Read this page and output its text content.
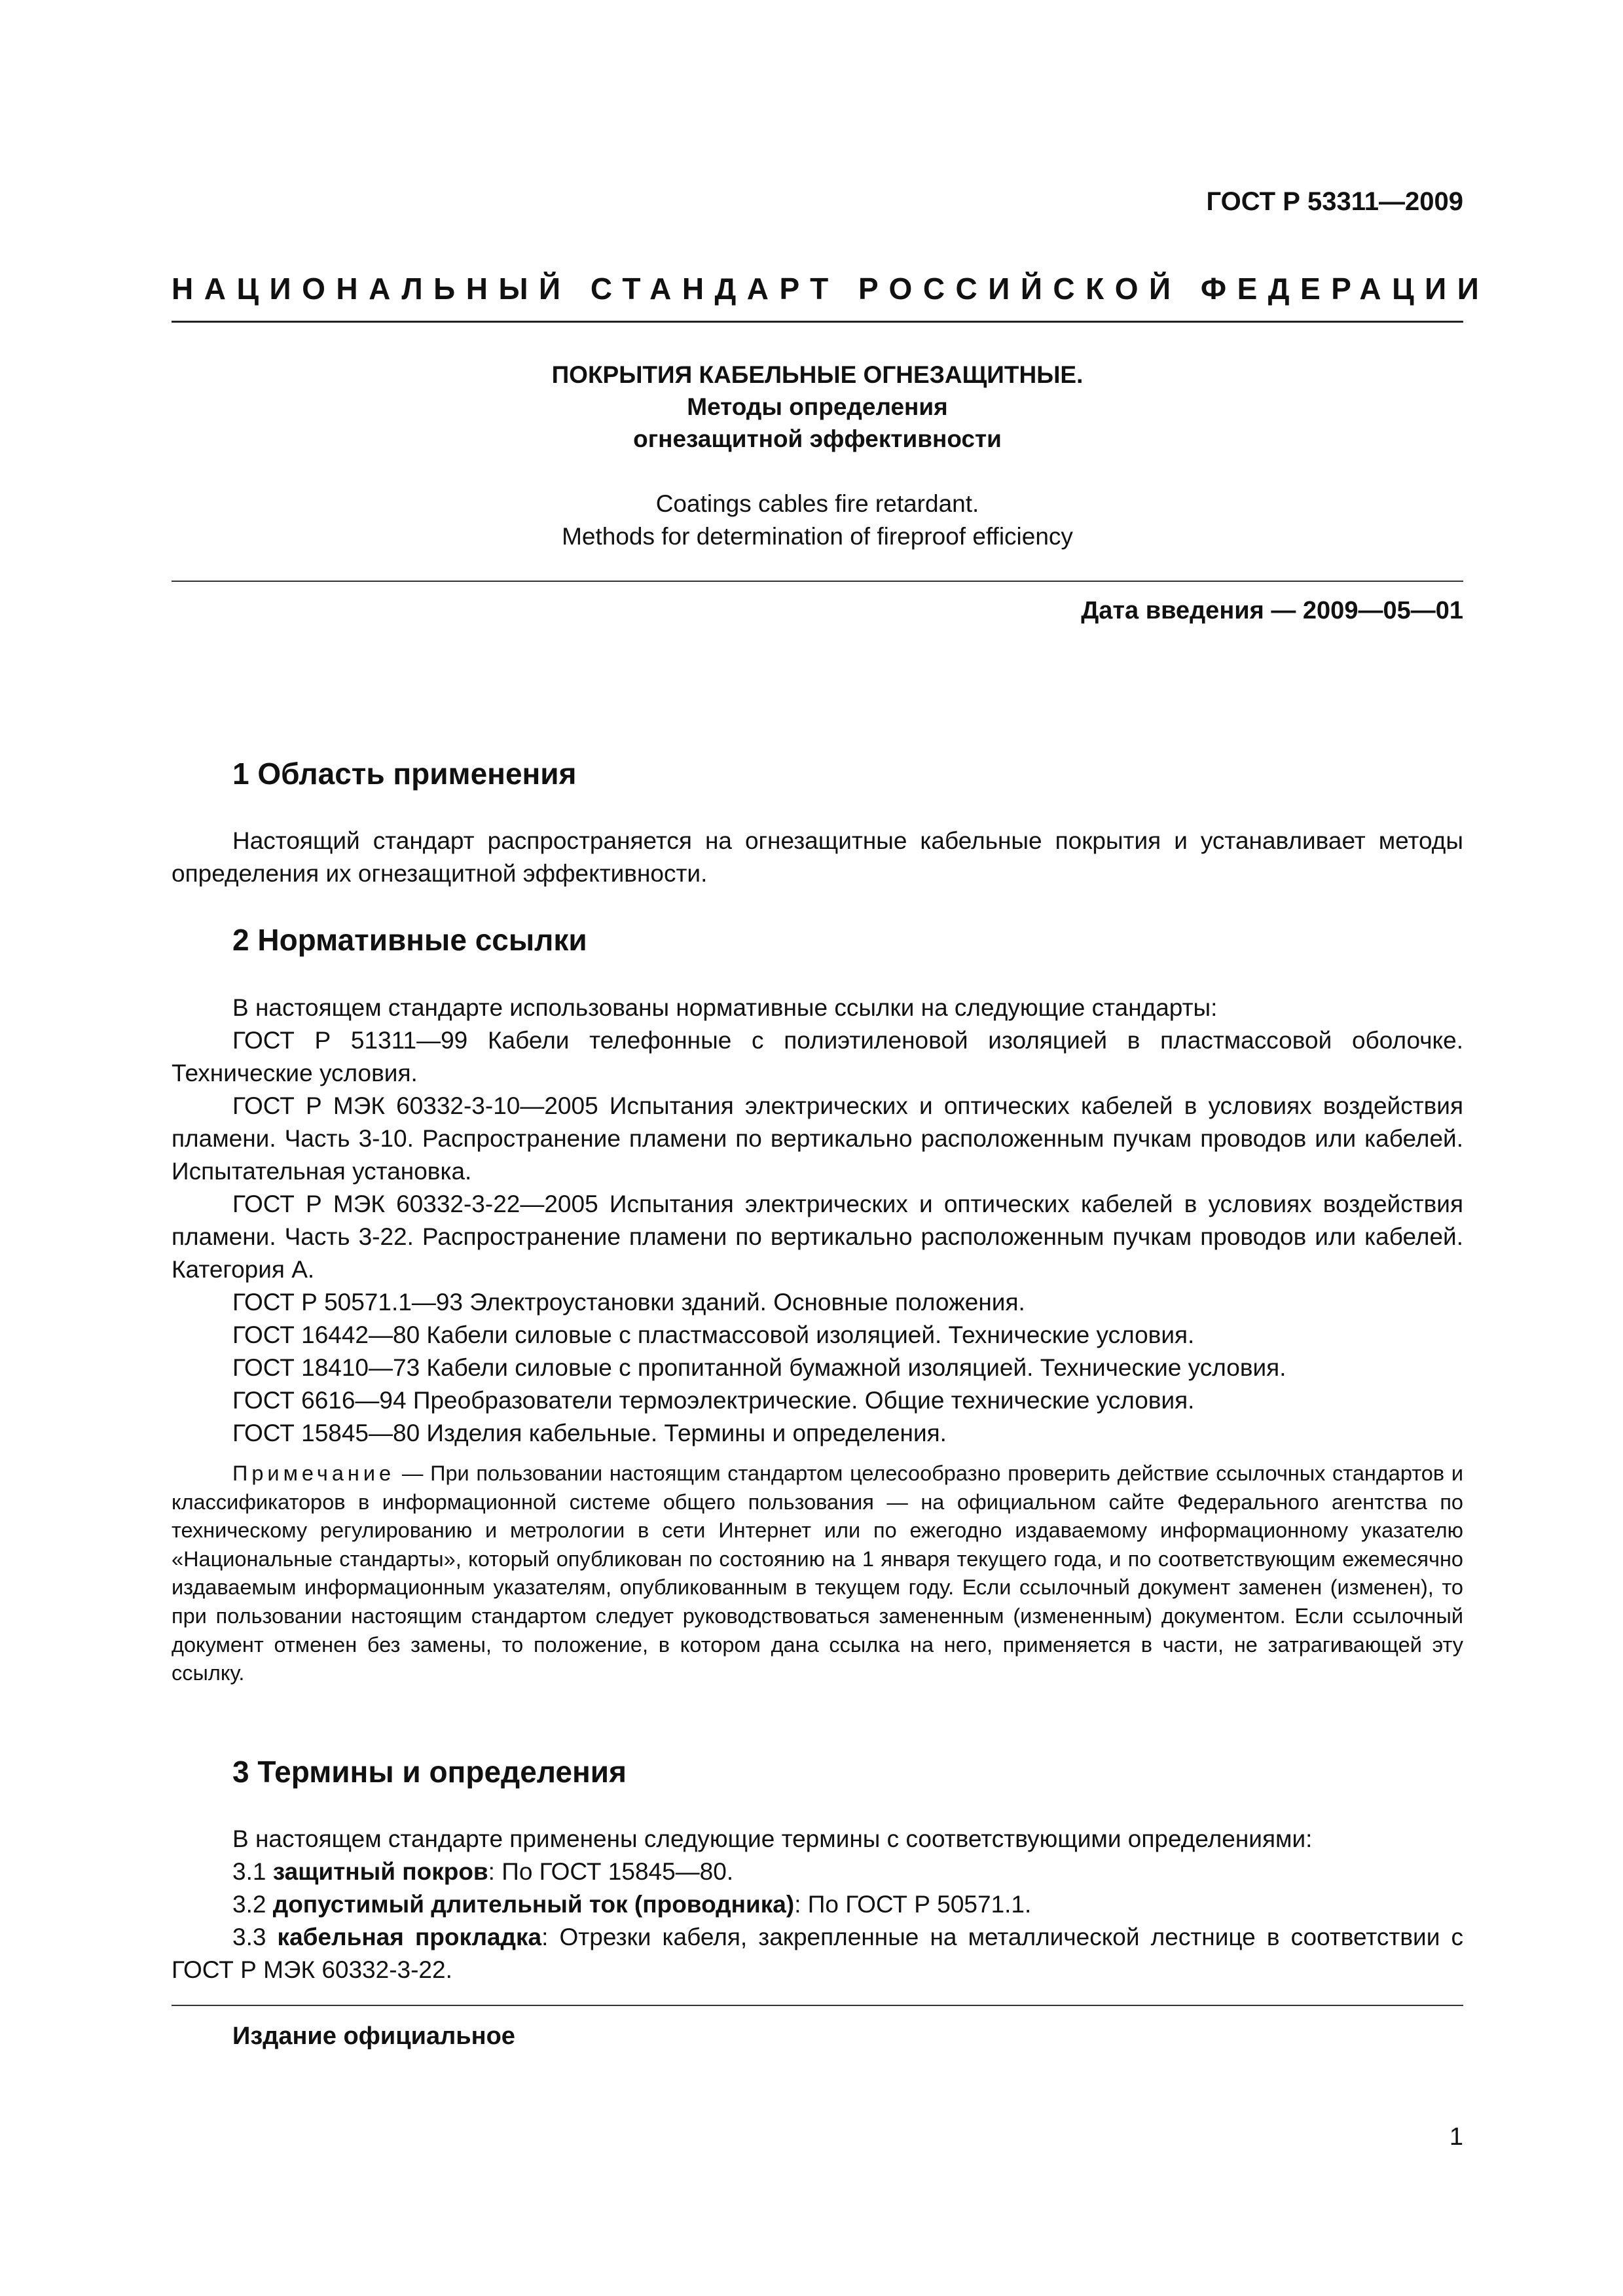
ГОСТ Р 53311—2009
НАЦИОНАЛЬНЫЙ СТАНДАРТ РОССИЙСКОЙ ФЕДЕРАЦИИ
ПОКРЫТИЯ КАБЕЛЬНЫЕ ОГНЕЗАЩИТНЫЕ.
Методы определения
огнезащитной эффективности
Coatings cables fire retardant.
Methods for determination of fireproof efficiency
Дата введения — 2009—05—01
1 Область применения
Настоящий стандарт распространяется на огнезащитные кабельные покрытия и устанавливает методы определения их огнезащитной эффективности.
2 Нормативные ссылки
В настоящем стандарте использованы нормативные ссылки на следующие стандарты:
ГОСТ Р 51311—99 Кабели телефонные с полиэтиленовой изоляцией в пластмассовой оболочке. Технические условия.
ГОСТ Р МЭК 60332-3-10—2005 Испытания электрических и оптических кабелей в условиях воздействия пламени. Часть 3-10. Распространение пламени по вертикально расположенным пучкам проводов или кабелей. Испытательная установка.
ГОСТ Р МЭК 60332-3-22—2005 Испытания электрических и оптических кабелей в условиях воздействия пламени. Часть 3-22. Распространение пламени по вертикально расположенным пучкам проводов или кабелей. Категория А.
ГОСТ Р 50571.1—93 Электроустановки зданий. Основные положения.
ГОСТ 16442—80 Кабели силовые с пластмассовой изоляцией. Технические условия.
ГОСТ 18410—73 Кабели силовые с пропитанной бумажной изоляцией. Технические условия.
ГОСТ 6616—94 Преобразователи термоэлектрические. Общие технические условия.
ГОСТ 15845—80 Изделия кабельные. Термины и определения.
Примечание — При пользовании настоящим стандартом целесообразно проверить действие ссылочных стандартов и классификаторов в информационной системе общего пользования — на официальном сайте Федерального агентства по техническому регулированию и метрологии в сети Интернет или по ежегодно издаваемому информационному указателю «Национальные стандарты», который опубликован по состоянию на 1 января текущего года, и по соответствующим ежемесячно издаваемым информационным указателям, опубликованным в текущем году. Если ссылочный документ заменен (изменен), то при пользовании настоящим стандартом следует руководствоваться замененным (измененным) документом. Если ссылочный документ отменен без замены, то положение, в котором дана ссылка на него, применяется в части, не затрагивающей эту ссылку.
3 Термины и определения
В настоящем стандарте применены следующие термины с соответствующими определениями:
3.1 защитный покров: По ГОСТ 15845—80.
3.2 допустимый длительный ток (проводника): По ГОСТ Р 50571.1.
3.3 кабельная прокладка: Отрезки кабеля, закрепленные на металлической лестнице в соответствии с ГОСТ Р МЭК 60332-3-22.
Издание официальное
1
